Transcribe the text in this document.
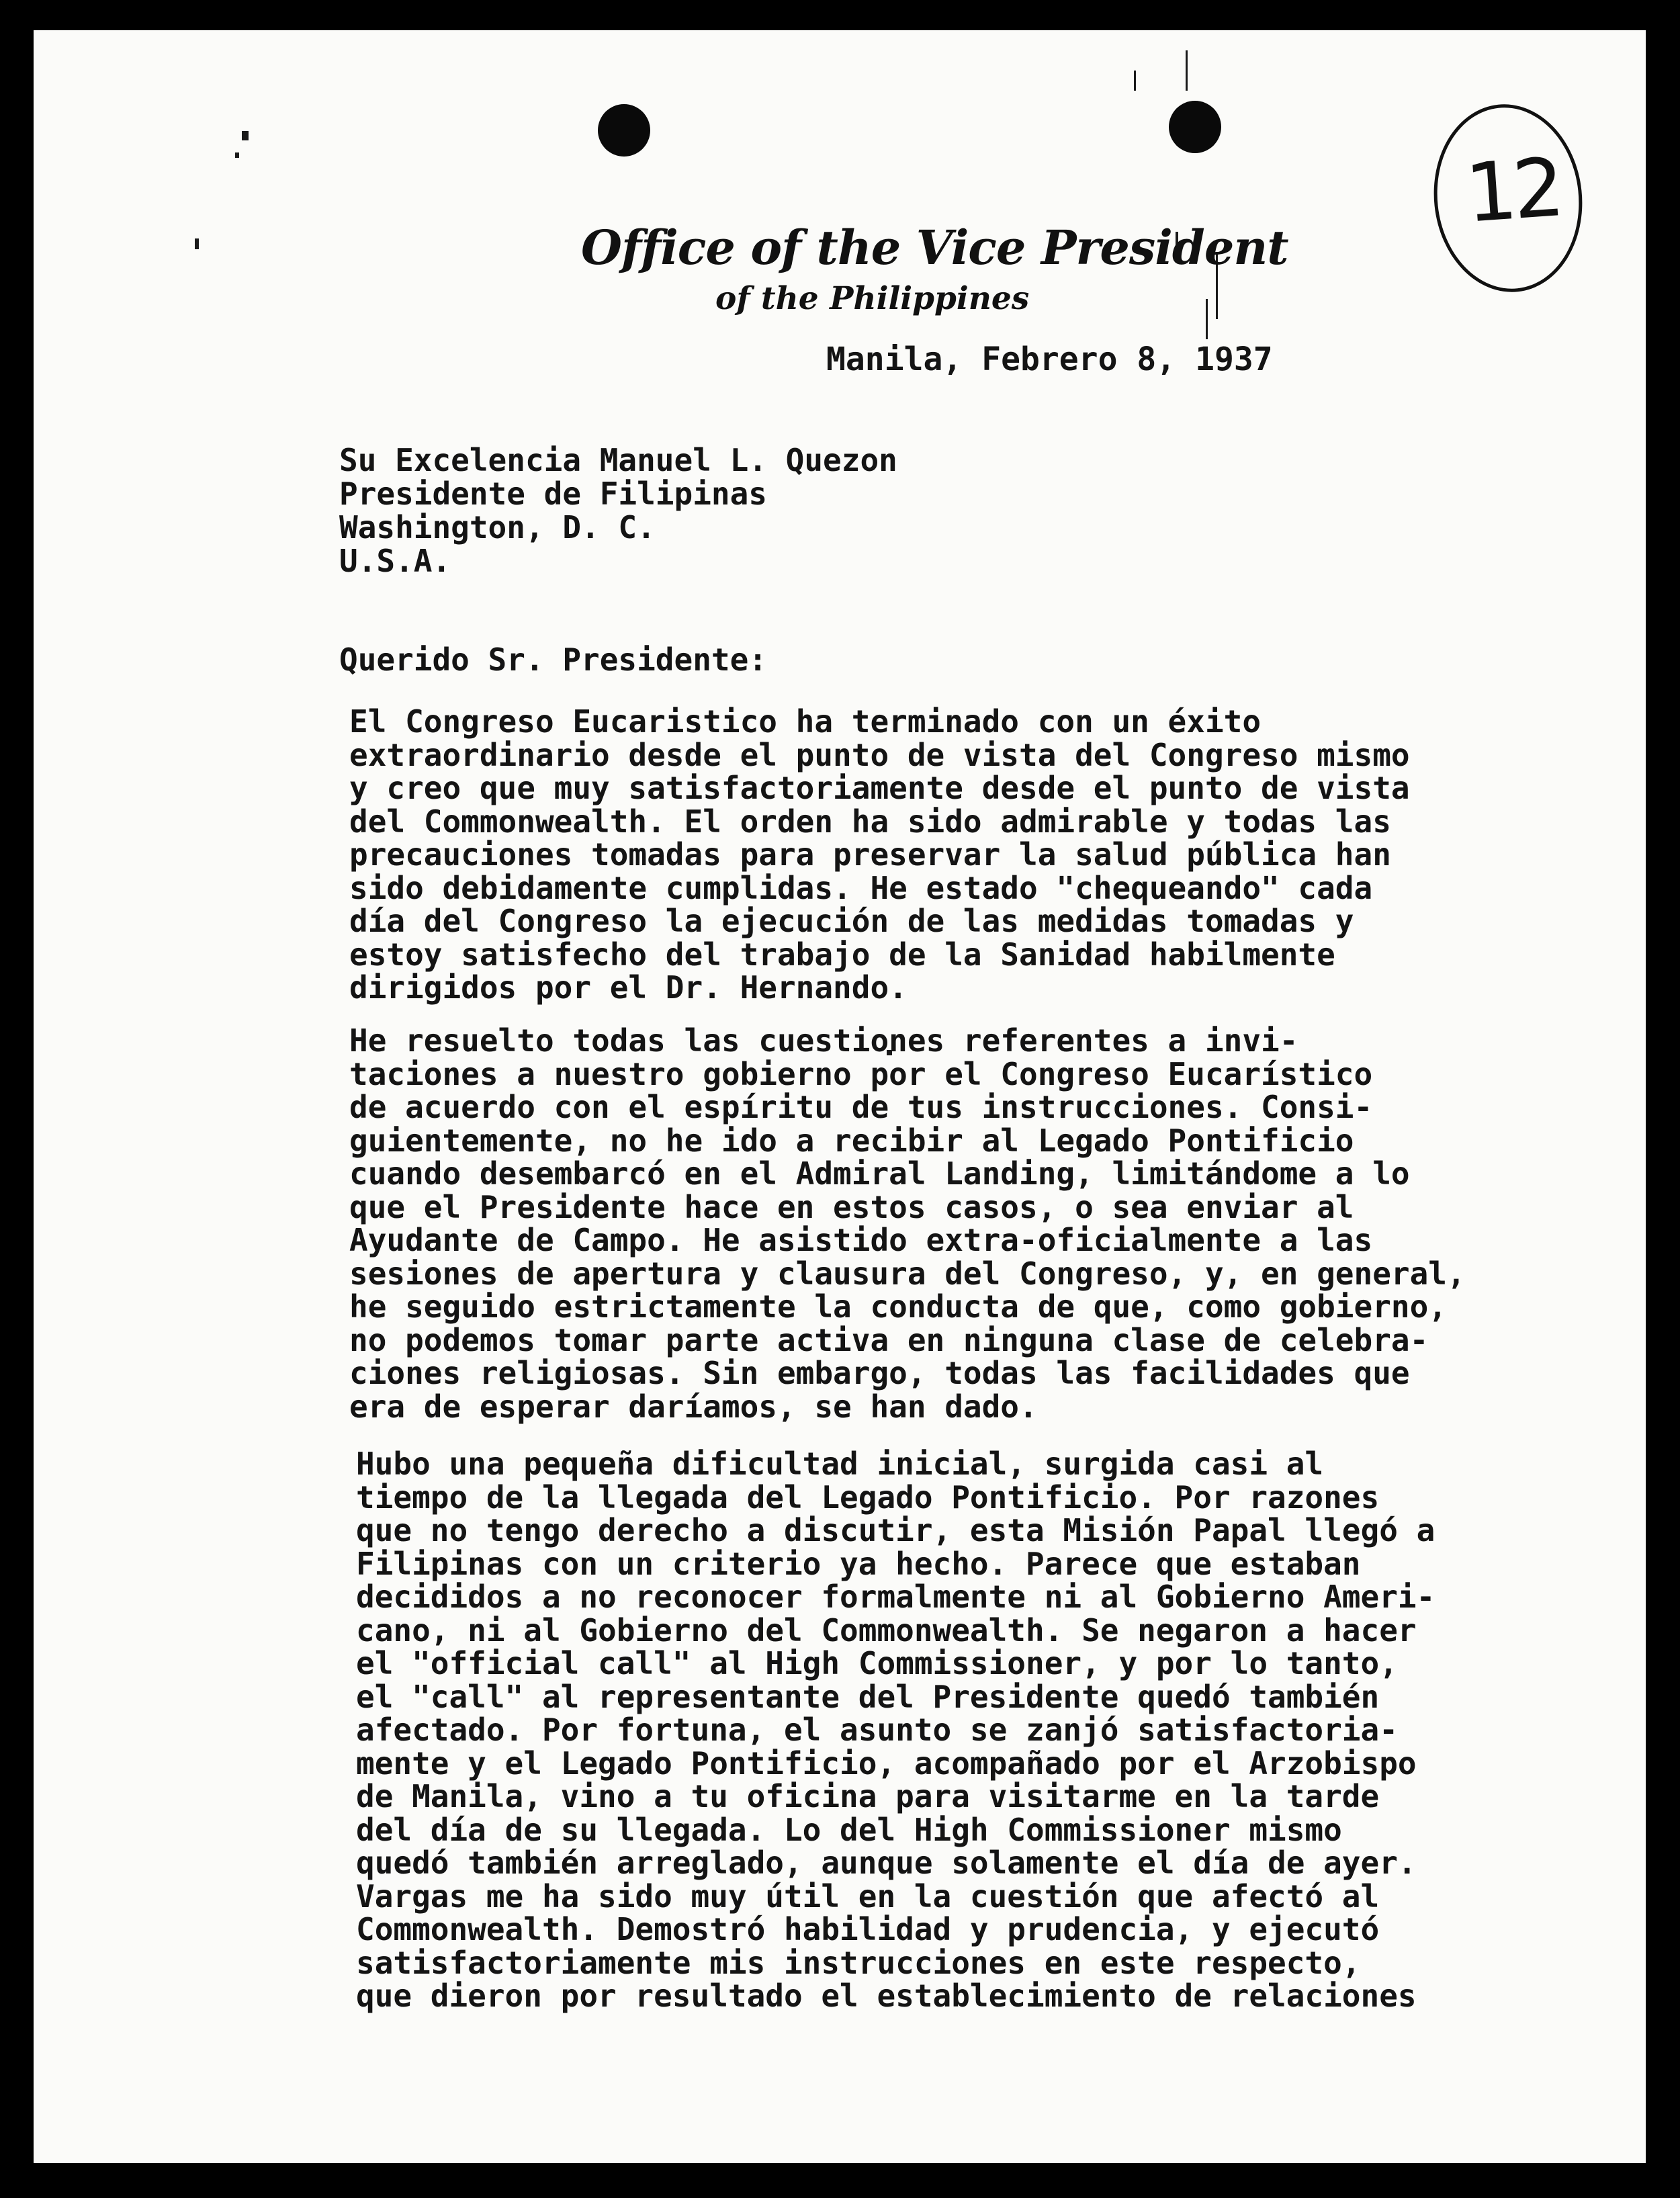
12
Office of the Vice President
of the Philippines
Manila, Febrero 8, 1937
Su Excelencia Manuel L. Quezon
Presidente de Filipinas
Washington, D. C.
U.S.A.
Querido Sr. Presidente:
El Congreso Eucaristico ha terminado con un éxito
extraordinario desde el punto de vista del Congreso mismo
y creo que muy satisfactoriamente desde el punto de vista
del Commonwealth. El orden ha sido admirable y todas las
precauciones tomadas para preservar la salud pública han
sido debidamente cumplidas. He estado "chequeando" cada
día del Congreso la ejecución de las medidas tomadas y
estoy satisfecho del trabajo de la Sanidad habilmente
dirigidos por el Dr. Hernando.
He resuelto todas las cuestiones referentes a invi-
taciones a nuestro gobierno por el Congreso Eucarístico
de acuerdo con el espíritu de tus instrucciones. Consi-
guientemente, no he ido a recibir al Legado Pontificio
cuando desembarcó en el Admiral Landing, limitándome a lo
que el Presidente hace en estos casos, o sea enviar al
Ayudante de Campo. He asistido extra-oficialmente a las
sesiones de apertura y clausura del Congreso, y, en general,
he seguido estrictamente la conducta de que, como gobierno,
no podemos tomar parte activa en ninguna clase de celebra-
ciones religiosas. Sin embargo, todas las facilidades que
era de esperar daríamos, se han dado.
Hubo una pequeña dificultad inicial, surgida casi al
tiempo de la llegada del Legado Pontificio. Por razones
que no tengo derecho a discutir, esta Misión Papal llegó a
Filipinas con un criterio ya hecho. Parece que estaban
decididos a no reconocer formalmente ni al Gobierno Ameri-
cano, ni al Gobierno del Commonwealth. Se negaron a hacer
el "official call" al High Commissioner, y por lo tanto,
el "call" al representante del Presidente quedó también
afectado. Por fortuna, el asunto se zanjó satisfactoria-
mente y el Legado Pontificio, acompañado por el Arzobispo
de Manila, vino a tu oficina para visitarme en la tarde
del día de su llegada. Lo del High Commissioner mismo
quedó también arreglado, aunque solamente el día de ayer.
Vargas me ha sido muy útil en la cuestión que afectó al
Commonwealth. Demostró habilidad y prudencia, y ejecutó
satisfactoriamente mis instrucciones en este respecto,
que dieron por resultado el establecimiento de relaciones
